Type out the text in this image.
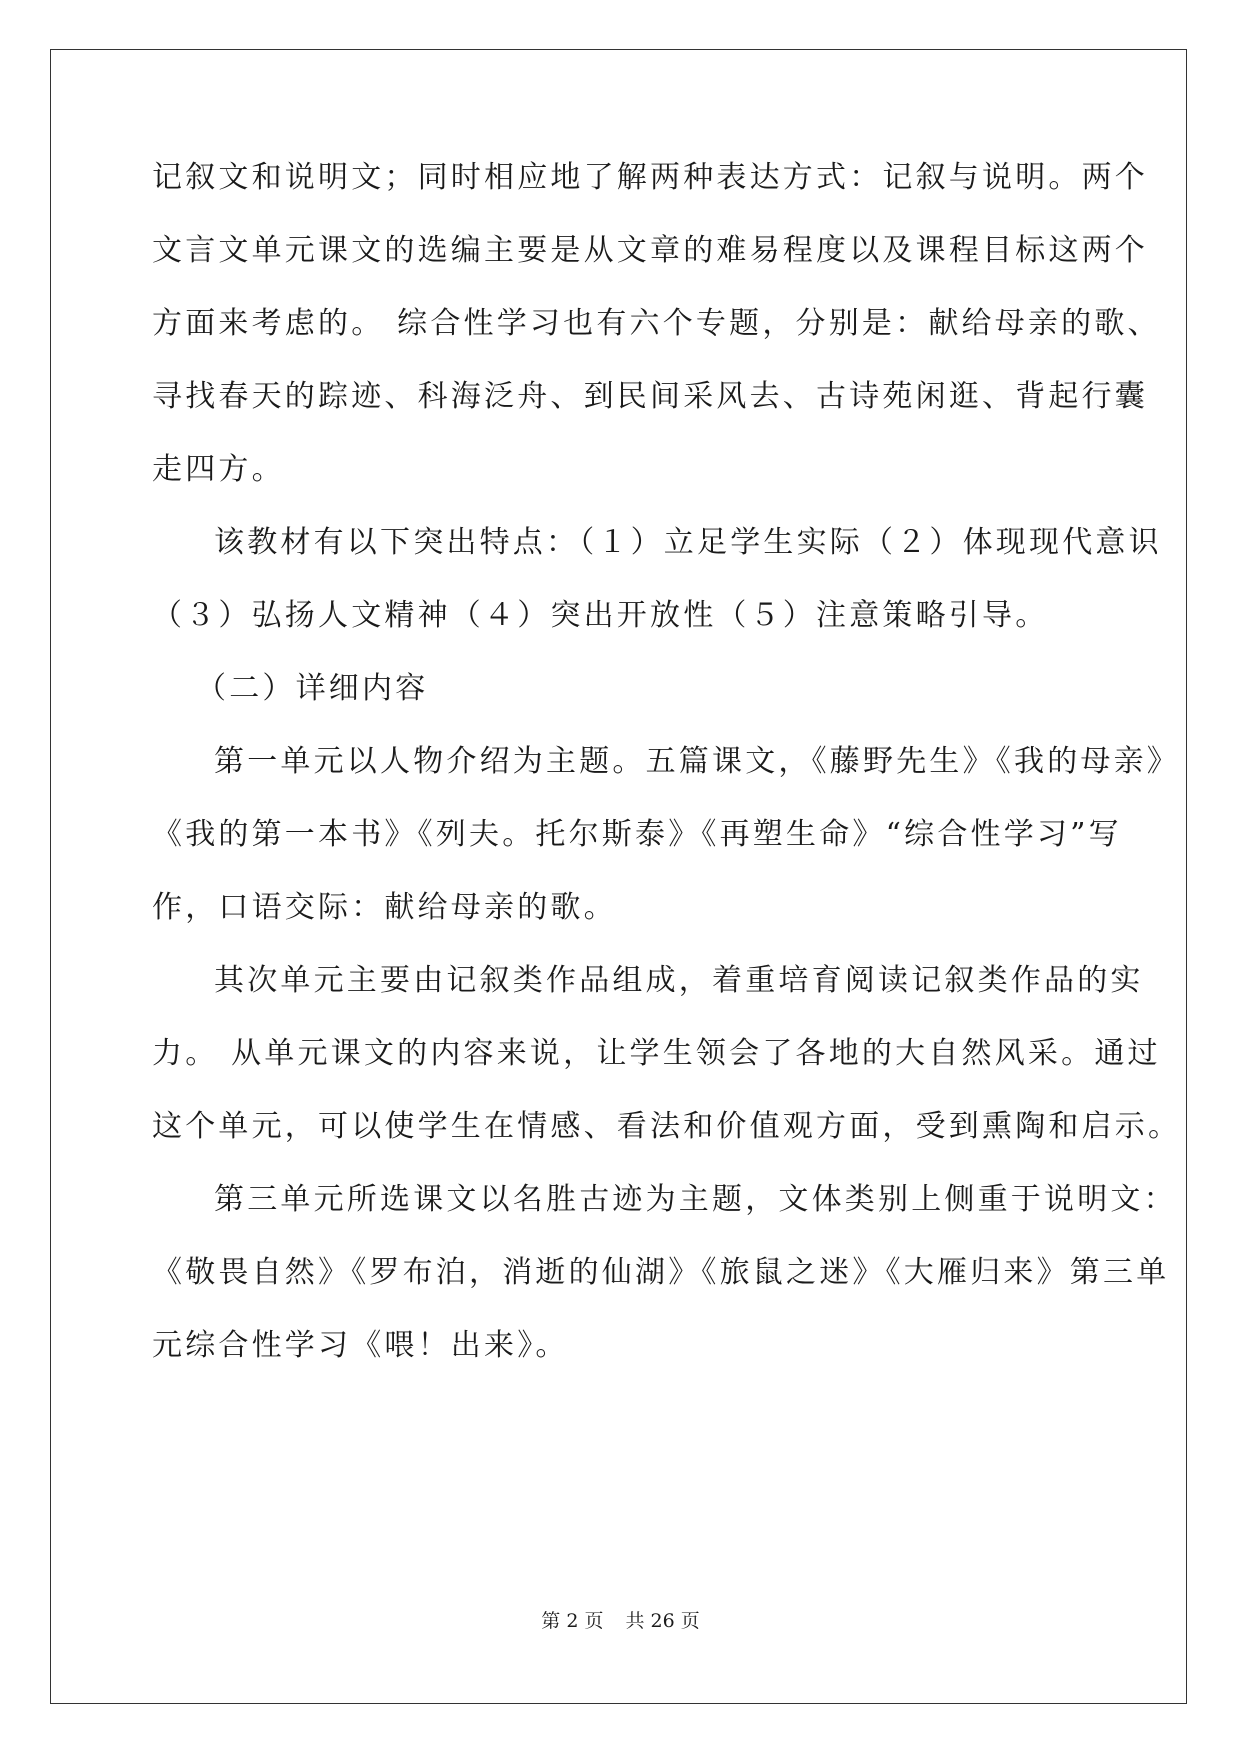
记叙文和说明文；同时相应地了解两种表达方式：记叙与说明。两个
文言文单元课文的选编主要是从文章的难易程度以及课程目标这两个
方面来考虑的。 综合性学习也有六个专题，分别是：献给母亲的歌、
寻找春天的踪迹、科海泛舟、到民间采风去、古诗苑闲逛、背起行囊
走四方。
该教材有以下突出特点：（１）立足学生实际（２）体现现代意识
（３）弘扬人文精神（４）突出开放性（５）注意策略引导。
（二）详细内容
第一单元以人物介绍为主题。五篇课文，《藤野先生》《我的母亲》
《我的第一本书》《列夫。托尔斯泰》《再塑生命》“综合性学习”写
作，口语交际：献给母亲的歌。
其次单元主要由记叙类作品组成，着重培育阅读记叙类作品的实
力。 从单元课文的内容来说，让学生领会了各地的大自然风采。通过
这个单元，可以使学生在情感、看法和价值观方面，受到熏陶和启示。
第三单元所选课文以名胜古迹为主题，文体类别上侧重于说明文：
《敬畏自然》《罗布泊，消逝的仙湖》《旅鼠之迷》《大雁归来》第三单
元综合性学习《喂！出来》。
第 2 页 共 26 页
